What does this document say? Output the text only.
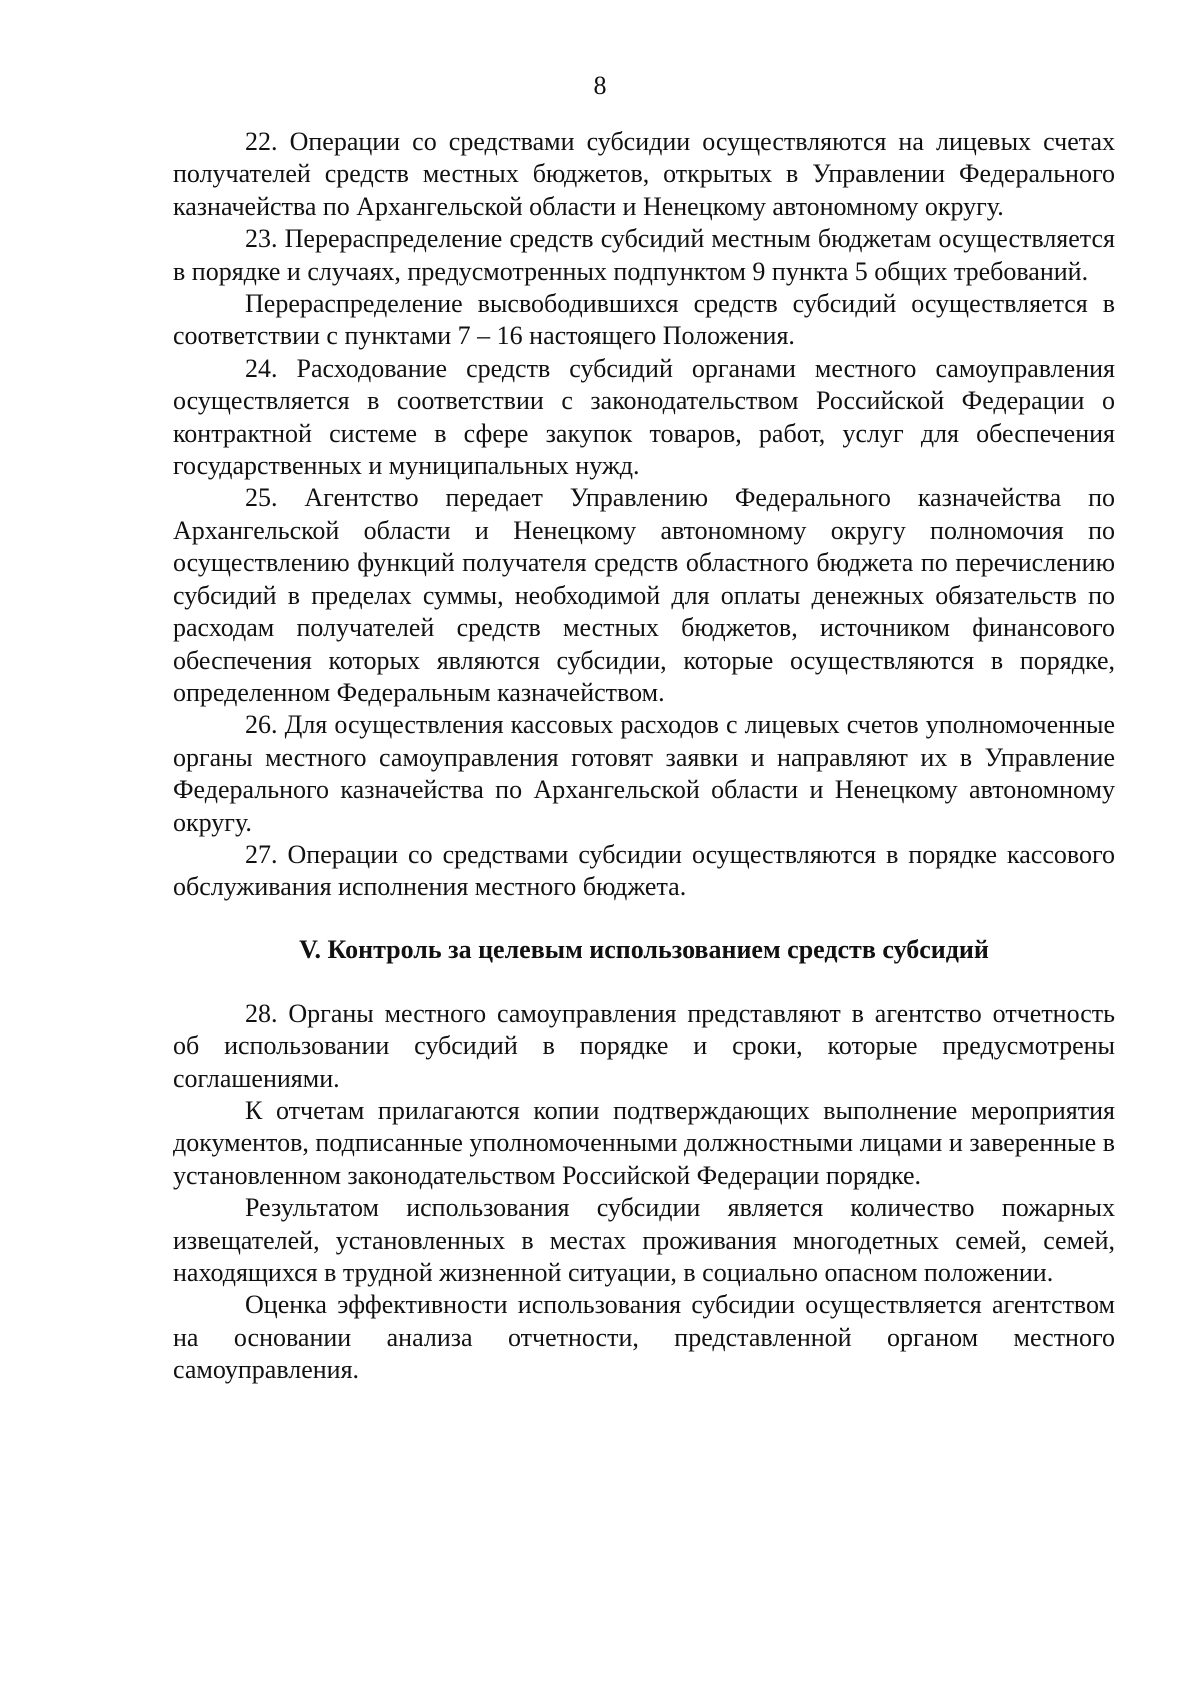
8

22. Операции со средствами субсидии осуществляются на лицевых счетах получателей средств местных бюджетов, открытых в Управлении Федерального казначейства по Архангельской области и Ненецкому автономному округу.

23. Перераспределение средств субсидий местным бюджетам осуществляется в порядке и случаях, предусмотренных подпунктом 9 пункта 5 общих требований.

Перераспределение высвободившихся средств субсидий осуществляется в соответствии с пунктами 7 – 16 настоящего Положения.

24. Расходование средств субсидий органами местного самоуправления осуществляется в соответствии с законодательством Российской Федерации о контрактной системе в сфере закупок товаров, работ, услуг для обеспечения государственных и муниципальных нужд.

25. Агентство передает Управлению Федерального казначейства по Архангельской области и Ненецкому автономному округу полномочия по осуществлению функций получателя средств областного бюджета по перечислению субсидий в пределах суммы, необходимой для оплаты денежных обязательств по расходам получателей средств местных бюджетов, источником финансового обеспечения которых являются субсидии, которые осуществляются в порядке, определенном Федеральным казначейством.

26. Для осуществления кассовых расходов с лицевых счетов уполномоченные органы местного самоуправления готовят заявки и направляют их в Управление Федерального казначейства по Архангельской области и Ненецкому автономному округу.

27. Операции со средствами субсидии осуществляются в порядке кассового обслуживания исполнения местного бюджета.

V. Контроль за целевым использованием средств субсидий

28. Органы местного самоуправления представляют в агентство отчетность об использовании субсидий в порядке и сроки, которые предусмотрены соглашениями.

К отчетам прилагаются копии подтверждающих выполнение мероприятия документов, подписанные уполномоченными должностными лицами и заверенные в установленном законодательством Российской Федерации порядке.

Результатом использования субсидии является количество пожарных извещателей, установленных в местах проживания многодетных семей, семей, находящихся в трудной жизненной ситуации, в социально опасном положении.

Оценка эффективности использования субсидии осуществляется агентством на основании анализа отчетности, представленной органом местного самоуправления.
